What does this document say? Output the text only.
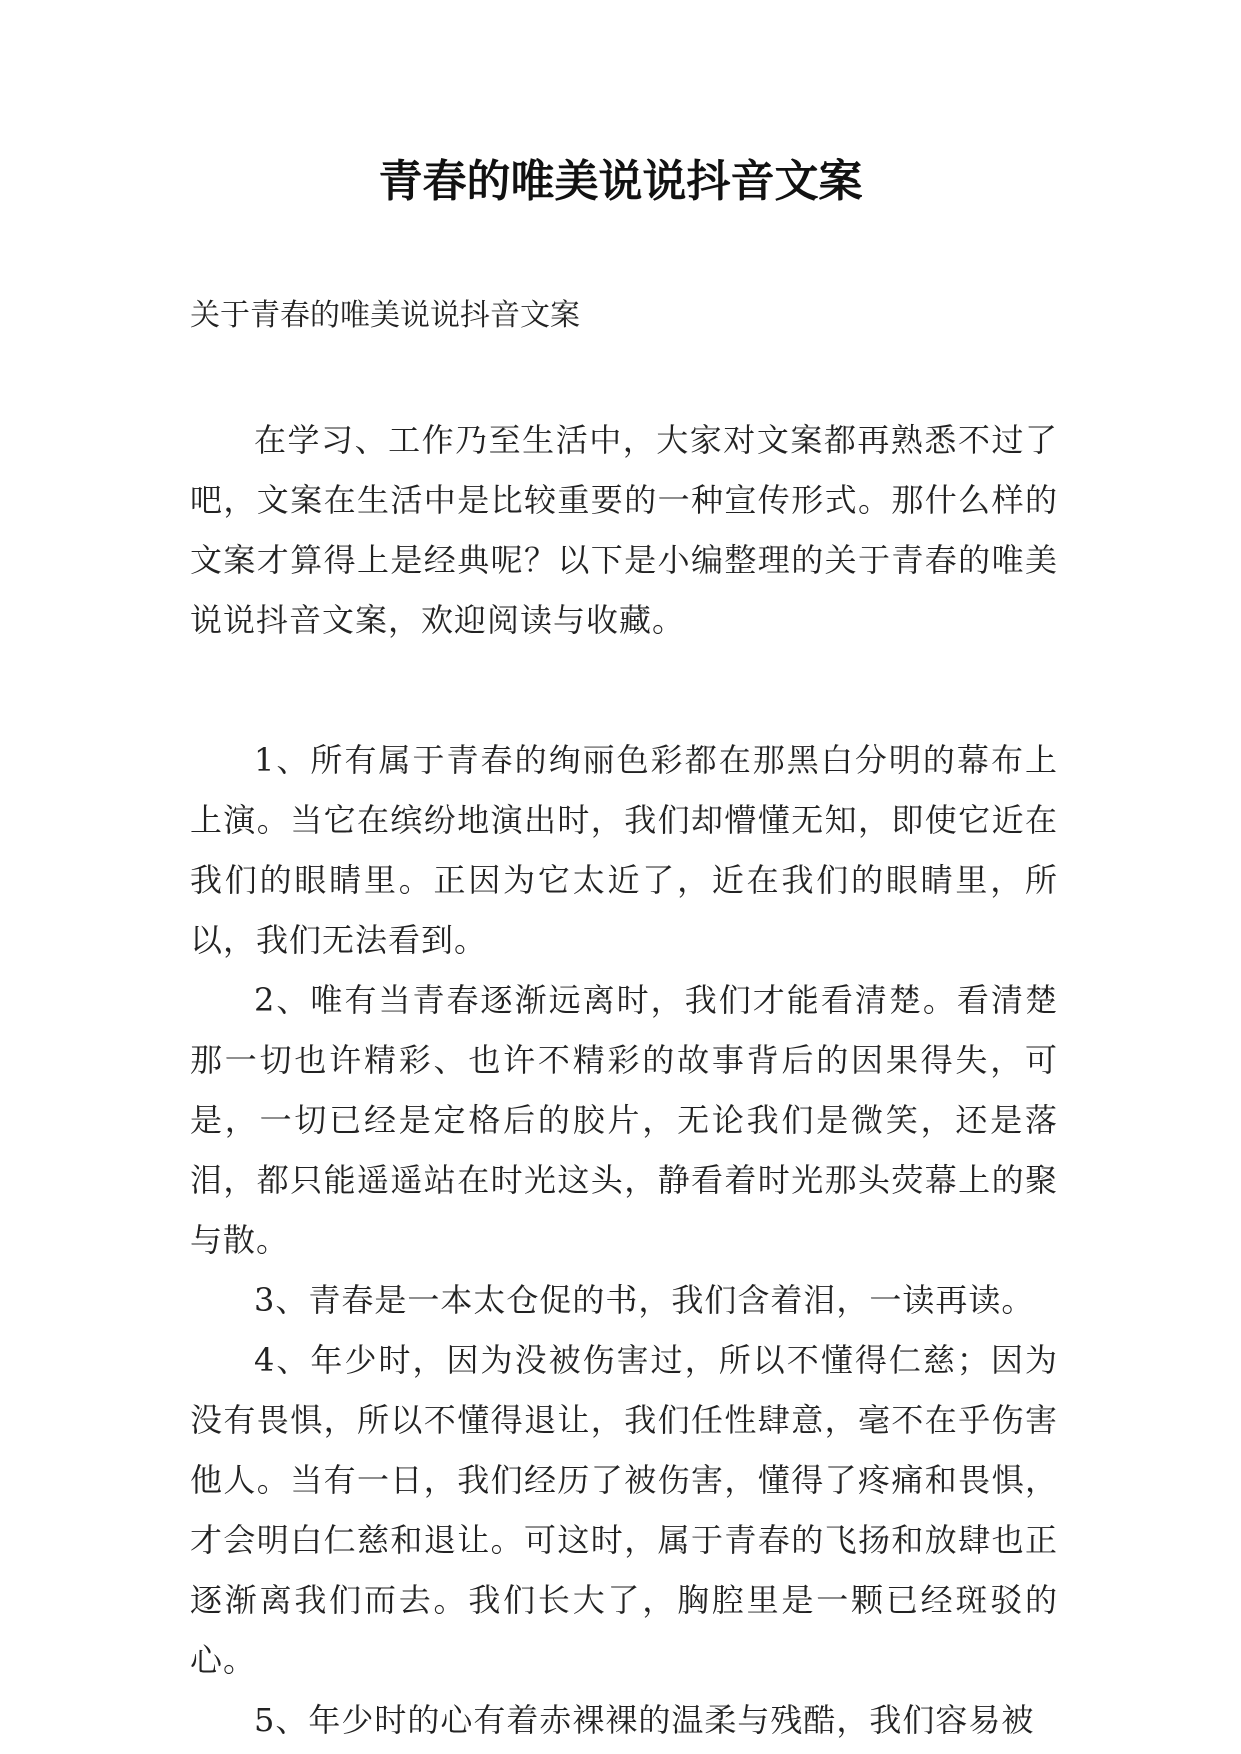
青春的唯美说说抖音文案

关于青春的唯美说说抖音文案

在学习、工作乃至生活中，大家对文案都再熟悉不过了吧，文案在生活中是比较重要的一种宣传形式。那什么样的文案才算得上是经典呢？以下是小编整理的关于青春的唯美说说抖音文案，欢迎阅读与收藏。

1、所有属于青春的绚丽色彩都在那黑白分明的幕布上上演。当它在缤纷地演出时，我们却懵懂无知，即使它近在我们的眼睛里。正因为它太近了，近在我们的眼睛里，所以，我们无法看到。

2、唯有当青春逐渐远离时，我们才能看清楚。看清楚那一切也许精彩、也许不精彩的故事背后的因果得失，可是，一切已经是定格后的胶片，无论我们是微笑，还是落泪，都只能遥遥站在时光这头，静看着时光那头荧幕上的聚与散。

3、青春是一本太仓促的书，我们含着泪，一读再读。

4、年少时，因为没被伤害过，所以不懂得仁慈；因为没有畏惧，所以不懂得退让，我们任性肆意，毫不在乎伤害他人。当有一日，我们经历了被伤害，懂得了疼痛和畏惧，才会明白仁慈和退让。可这时，属于青春的飞扬和放肆也正逐渐离我们而去。我们长大了，胸腔里是一颗已经斑驳的心。

5、年少时的心有着赤裸裸的温柔与残酷，我们容易被
